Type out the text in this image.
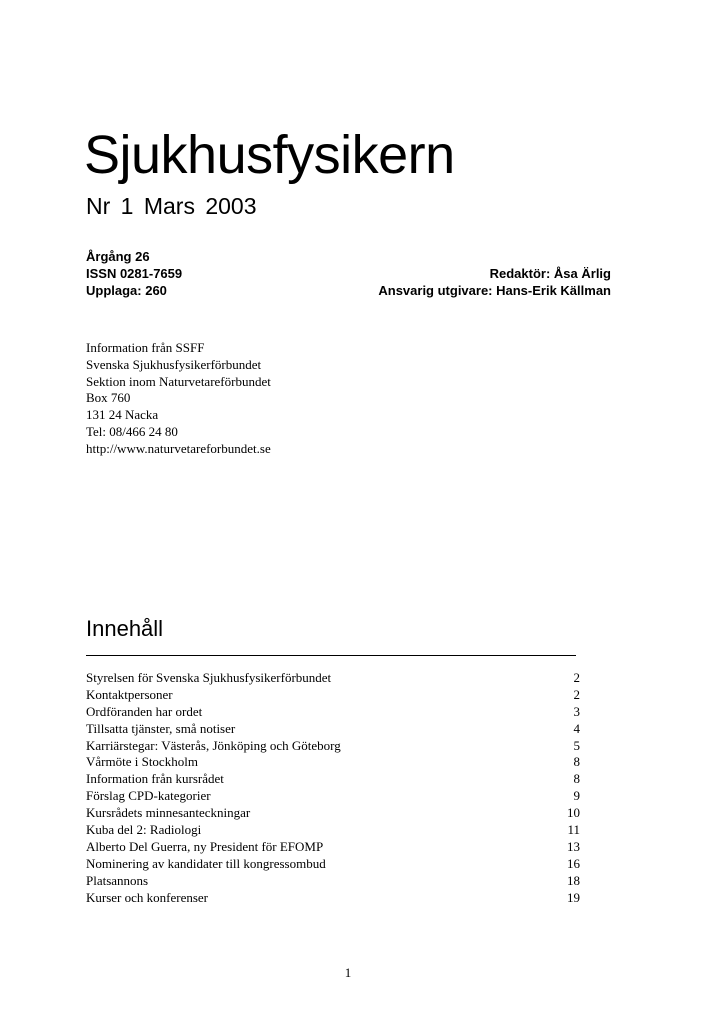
Sjukhusfysikern
Nr 1 Mars 2003
Årgång 26
ISSN 0281-7659
Upplaga: 260
Redaktör: Åsa Ärlig
Ansvarig utgivare: Hans-Erik Källman
Information från SSFF
Svenska Sjukhusfysikerförbundet
Sektion inom Naturvetareförbundet
Box 760
131 24 Nacka
Tel: 08/466 24 80
http://www.naturvetareforbundet.se
Innehåll
Styrelsen för Svenska Sjukhusfysikerförbundet	2
Kontaktpersoner	2
Ordföranden har ordet	3
Tillsatta tjänster, små notiser	4
Karriärstegar: Västerås, Jönköping och Göteborg	5
Vårmöte i Stockholm	8
Information från kursrådet	8
Förslag CPD-kategorier	9
Kursrådets minnesanteckningar	10
Kuba del 2: Radiologi	11
Alberto Del Guerra, ny President för EFOMP	13
Nominering av kandidater till kongressombud	16
Platsannons	18
Kurser och konferenser	19
1
